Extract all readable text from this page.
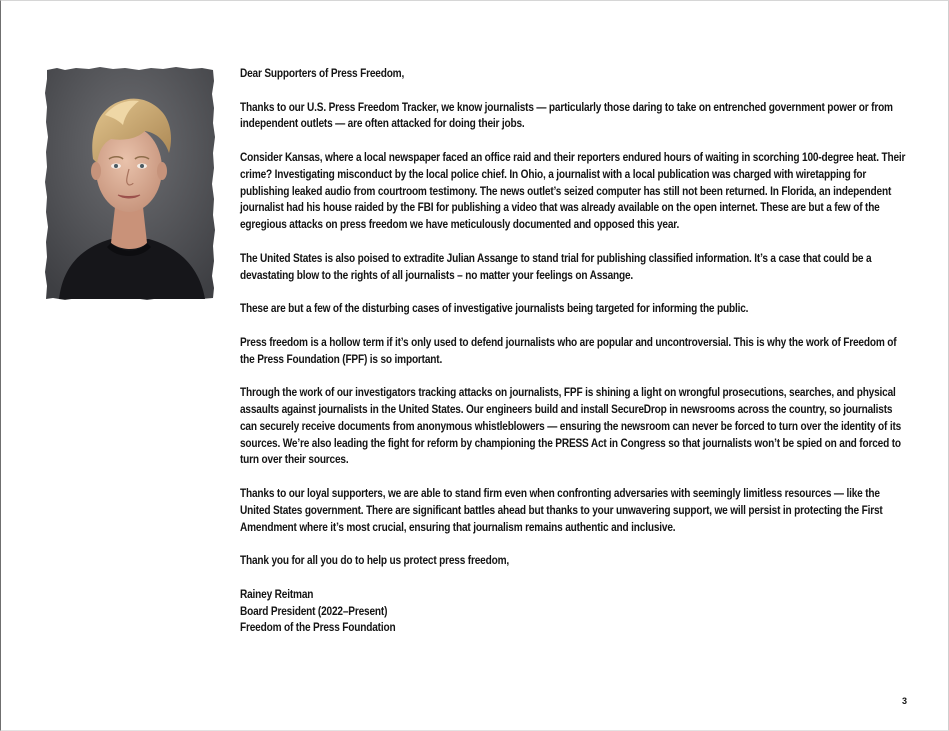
Dear Supporters of Press Freedom,

Thanks to our U.S. Press Freedom Tracker, we know journalists — particularly those daring to take on entrenched government power or from independent outlets — are often attacked for doing their jobs.

Consider Kansas, where a local newspaper faced an office raid and their reporters endured hours of waiting in scorching 100-degree heat. Their crime? Investigating misconduct by the local police chief. In Ohio, a journalist with a local publication was charged with wiretapping for publishing leaked audio from courtroom testimony. The news outlet’s seized computer has still not been returned. In Florida, an independent journalist had his house raided by the FBI for publishing a video that was already available on the open internet. These are but a few of the egregious attacks on press freedom we have meticulously documented and opposed this year.

The United States is also poised to extradite Julian Assange to stand trial for publishing classified information. It’s a case that could be a devastating blow to the rights of all journalists – no matter your feelings on Assange.

These are but a few of the disturbing cases of investigative journalists being targeted for informing the public.

Press freedom is a hollow term if it’s only used to defend journalists who are popular and uncontroversial. This is why the work of Freedom of the Press Foundation (FPF) is so important.

Through the work of our investigators tracking attacks on journalists, FPF is shining a light on wrongful prosecutions, searches, and physical assaults against journalists in the United States. Our engineers build and install SecureDrop in newsrooms across the country, so journalists can securely receive documents from anonymous whistleblowers — ensuring the newsroom can never be forced to turn over the identity of its sources. We’re also leading the fight for reform by championing the PRESS Act in Congress so that journalists won’t be spied on and forced to turn over their sources.

Thanks to our loyal supporters, we are able to stand firm even when confronting adversaries with seemingly limitless resources — like the United States government. There are significant battles ahead but thanks to your unwavering support, we will persist in protecting the First Amendment where it’s most crucial, ensuring that journalism remains authentic and inclusive.

Thank you for all you do to help us protect press freedom,

Rainey Reitman

Board President (2022–Present)

Freedom of the Press Foundation

3
